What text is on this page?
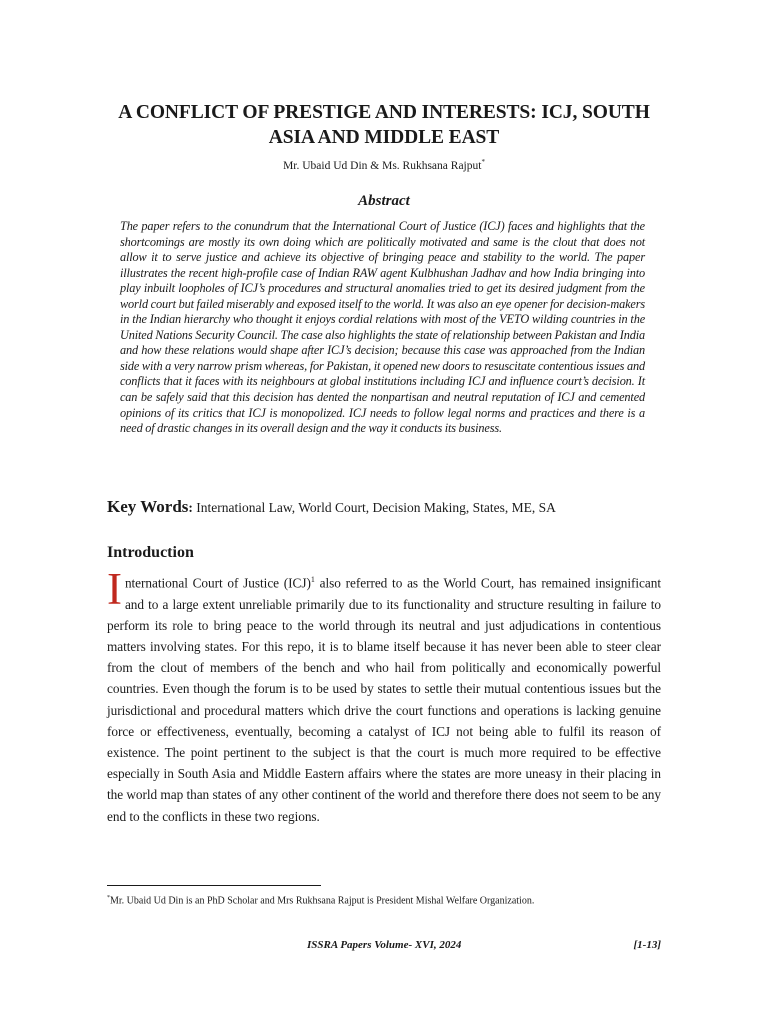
A CONFLICT OF PRESTIGE AND INTERESTS: ICJ, SOUTH ASIA AND MIDDLE EAST
Mr. Ubaid Ud Din & Ms. Rukhsana Rajput*
Abstract

The paper refers to the conundrum that the International Court of Justice (ICJ) faces and highlights that the shortcomings are mostly its own doing which are politically motivated and same is the clout that does not allow it to serve justice and achieve its objective of bringing peace and stability to the world. The paper illustrates the recent high-profile case of Indian RAW agent Kulbhushan Jadhav and how India bringing into play inbuilt loopholes of ICJ’s procedures and structural anomalies tried to get its desired judgment from the world court but failed miserably and exposed itself to the world. It was also an eye opener for decision-makers in the Indian hierarchy who thought it enjoys cordial relations with most of the VETO wilding countries in the United Nations Security Council. The case also highlights the state of relationship between Pakistan and India and how these relations would shape after ICJ’s decision; because this case was approached from the Indian side with a very narrow prism whereas, for Pakistan, it opened new doors to resuscitate contentious issues and conflicts that it faces with its neighbours at global institutions including ICJ and influence court’s decision. It can be safely said that this decision has dented the nonpartisan and neutral reputation of ICJ and cemented opinions of its critics that ICJ is monopolized. ICJ needs to follow legal norms and practices and there is a need of drastic changes in its overall design and the way it conducts its business.

Key Words: International Law, World Court, Decision Making, States, ME, SA
Introduction

International Court of Justice (ICJ)$^1$ also referred to as the World Court, has remained insignificant and to a large extent unreliable primarily due to its functionality and structure resulting in failure to perform its role to bring peace to the world through its neutral and just adjudications in contentious matters involving states. For this repo, it is to blame itself because it has never been able to steer clear from the clout of members of the bench and who hail from politically and economically powerful countries. Even though the forum is to be used by states to settle their mutual contentious issues but the jurisdictional and procedural matters which drive the court functions and operations is lacking genuine force or effectiveness, eventually, becoming a catalyst of ICJ not being able to fulfil its reason of existence. The point pertinent to the subject is that the court is much more required to be effective especially in South Asia and Middle Eastern affairs where the states are more uneasy in their placing in the world map than states of any other continent of the world and therefore there does not seem to be any end to the conflicts in these two regions.

*Mr. Ubaid Ud Din is an PhD Scholar and Mrs Rukhsana Rajput is President Mishal Welfare Organization.
ISSRA Papers Volume- XVI, 2024	[1-13]
